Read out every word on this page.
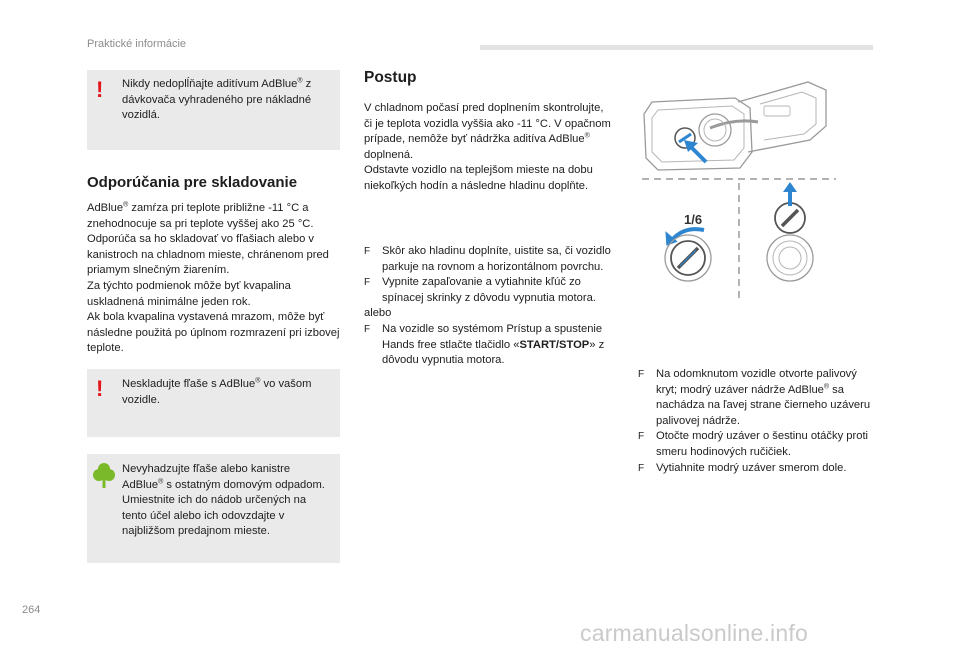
Praktické informácie
! Nikdy nedoplĺňajte aditívum AdBlue® z dávkovača vyhradeného pre nákladné vozidlá.
Odporúčania pre skladovanie

AdBlue® zamŕza pri teplote približne -11 °C a znehodnocuje sa pri teplote vyššej ako 25 °C. Odporúča sa ho skladovať vo fľašiach alebo v kanistroch na chladnom mieste, chránenom pred priamym slnečným žiarením.

Za týchto podmienok môže byť kvapalina uskladnená minimálne jeden rok.

Ak bola kvapalina vystavená mrazom, môže byť následne použitá po úplnom rozmrazení pri izbovej teplote.

! Neskladujte fľaše s AdBlue® vo vašom vozidle.
Nevyhadzujte fľaše alebo kanistre AdBlue® s ostatným domovým odpadom.
Umiestnite ich do nádob určených na tento účel alebo ich odovzdajte v najbližšom predajnom mieste.
Postup

V chladnom počasí pred doplnením skontrolujte, či je teplota vozidla vyššia ako -11 °C. V opačnom prípade, nemôže byť nádržka aditíva AdBlue® doplnená.

Odstavte vozidlo na teplejšom mieste na dobu niekoľkých hodín a následne hladinu doplňte.

F Skôr ako hladinu doplníte, uistite sa, či vozidlo parkuje na rovnom a horizontálnom povrchu.
F Vypnite zapaľovanie a vytiahnite kľúč zo spínacej skrinky z dôvodu vypnutia motora.
alebo
F Na vozidle so systémom Prístup a spustenie Hands free stlačte tlačidlo «START/STOP» z dôvodu vypnutia motora.
1/6
F Na odomknutom vozidle otvorte palivový kryt; modrý uzáver nádrže AdBlue® sa nachádza na ľavej strane čierneho uzáveru palivovej nádrže.
F Otočte modrý uzáver o šestinu otáčky proti smeru hodinových ručičiek.
F Vytiahnite modrý uzáver smerom dole.
264
carmanualsonline.info
